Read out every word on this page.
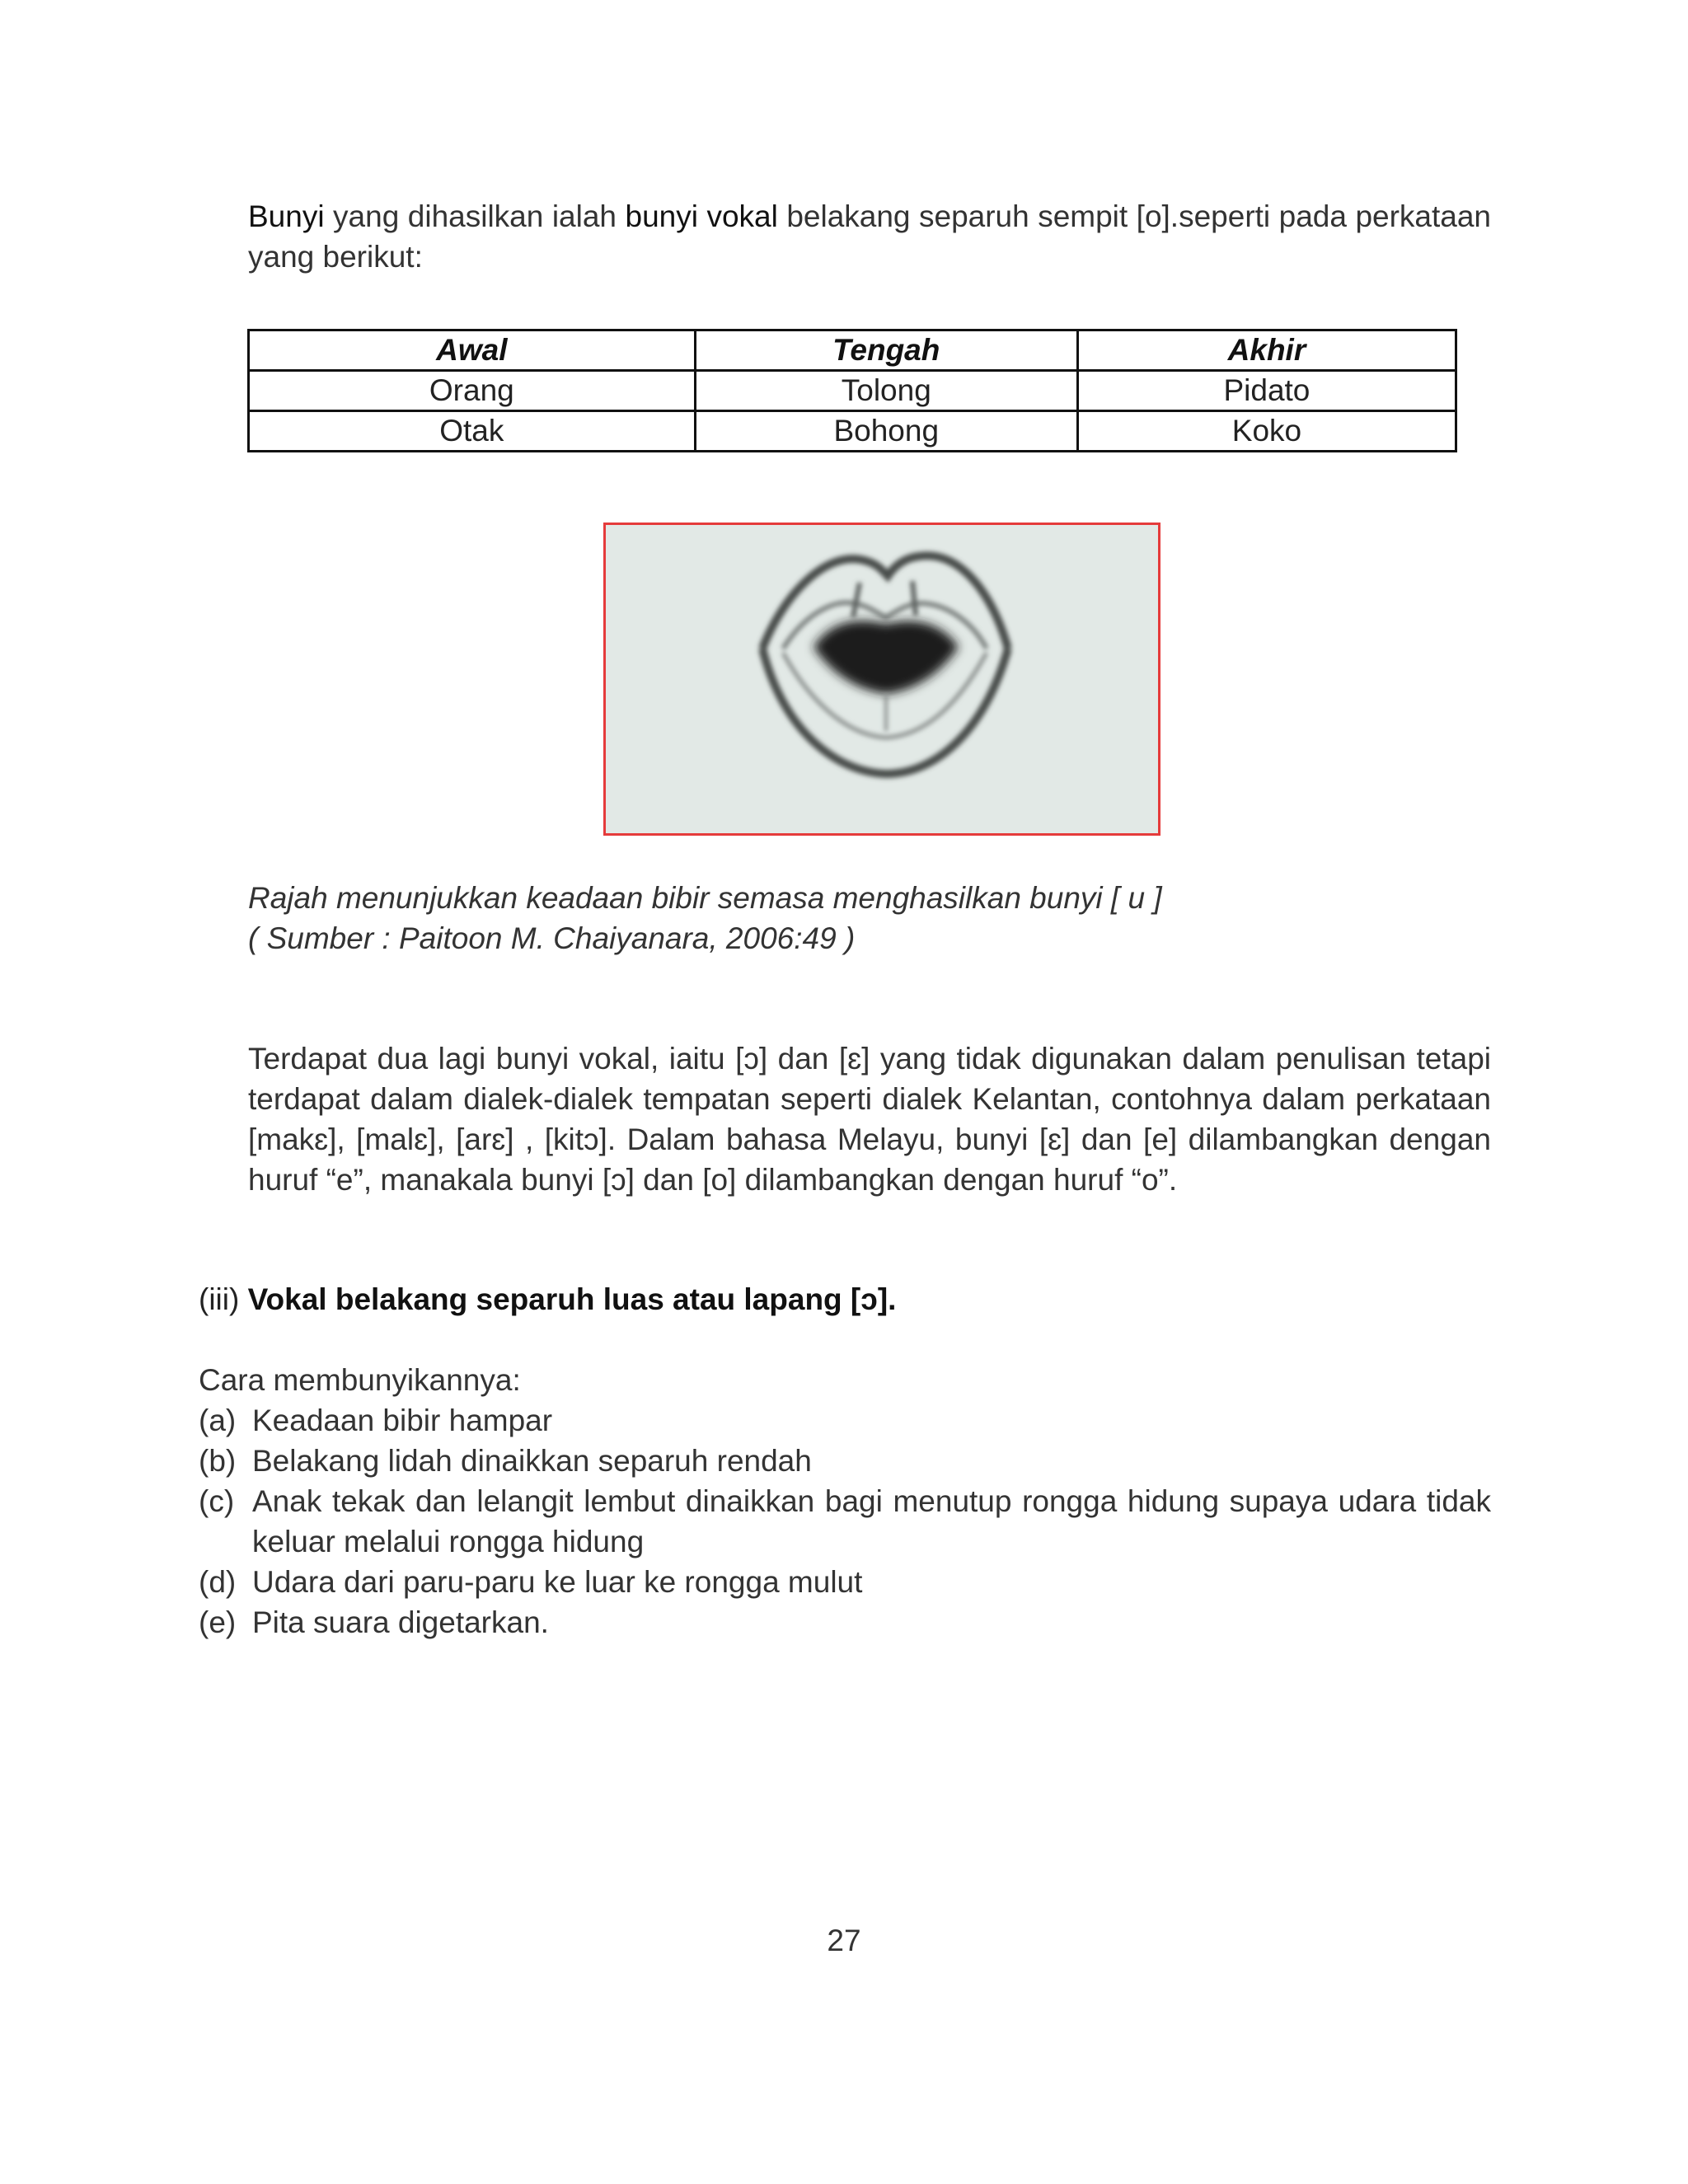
Bunyi yang dihasilkan ialah bunyi vokal belakang separuh sempit [o].seperti pada perkataan yang berikut:

Awal	Tengah	Akhir
Orang	Tolong	Pidato
Otak	Bohong	Koko
Rajah menunjukkan keadaan bibir semasa menghasilkan bunyi [ u ]
( Sumber : Paitoon M. Chaiyanara, 2006:49 )

Terdapat dua lagi bunyi vokal, iaitu [ɔ] dan [ɛ] yang tidak digunakan dalam penulisan tetapi terdapat dalam dialek-dialek tempatan seperti dialek Kelantan, contohnya dalam perkataan [makɛ], [malɛ], [arɛ] , [kitɔ]. Dalam bahasa Melayu, bunyi [ɛ] dan [e] dilambangkan dengan huruf “e”, manakala bunyi [ɔ] dan [o] dilambangkan dengan huruf “o”.

(iii) Vokal belakang separuh luas atau lapang [ɔ].
Cara membunyikannya:
(a) Keadaan bibir hampar
(b) Belakang lidah dinaikkan separuh rendah
(c) Anak tekak dan lelangit lembut dinaikkan bagi menutup rongga hidung supaya udara tidak keluar melalui rongga hidung
(d) Udara dari paru-paru ke luar ke rongga mulut
(e) Pita suara digetarkan.
27
